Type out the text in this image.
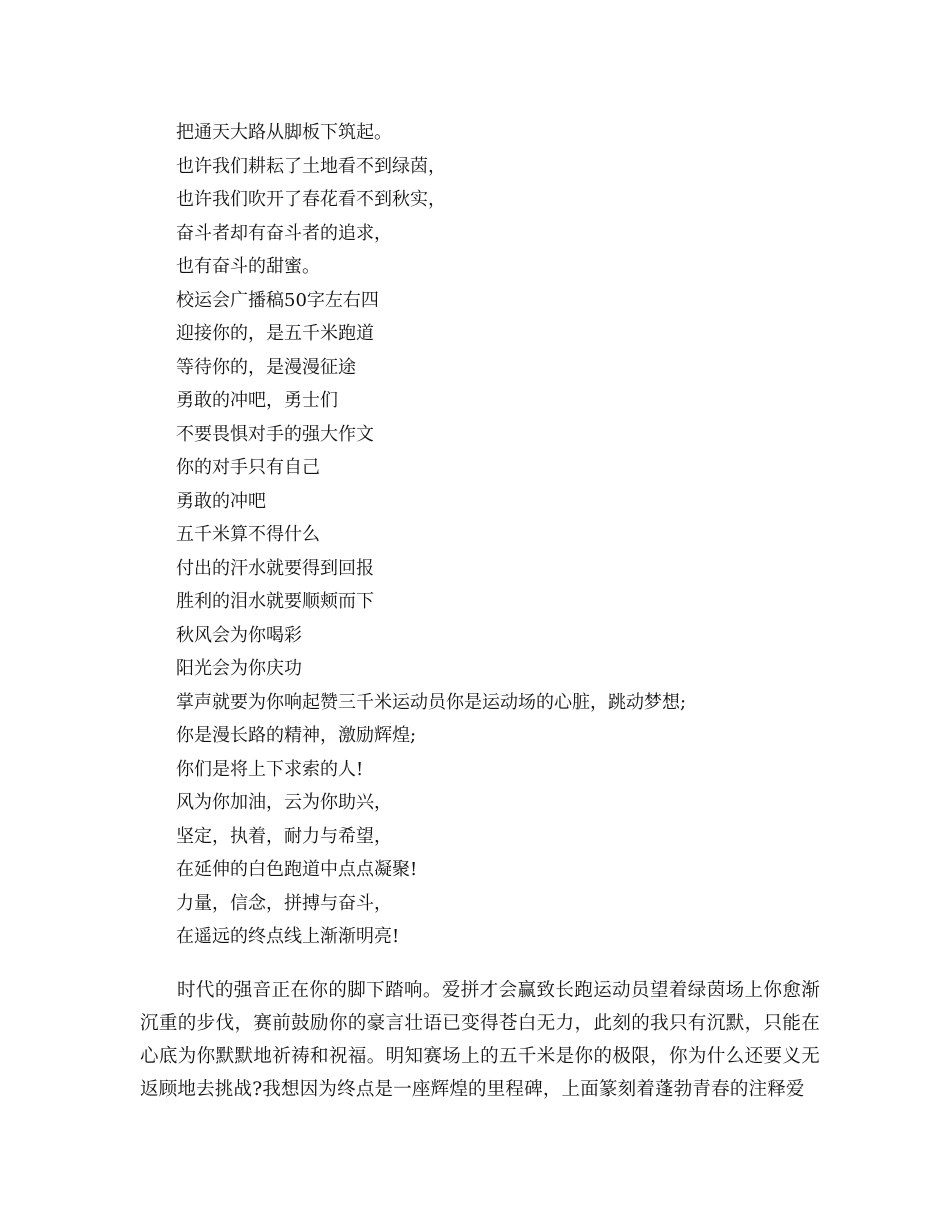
把通天大路从脚板下筑起。
也许我们耕耘了土地看不到绿茵，
也许我们吹开了春花看不到秋实，
奋斗者却有奋斗者的追求，
也有奋斗的甜蜜。
校运会广播稿50字左右四
迎接你的，是五千米跑道
等待你的，是漫漫征途
勇敢的冲吧，勇士们
不要畏惧对手的强大作文
你的对手只有自己
勇敢的冲吧
五千米算不得什么
付出的汗水就要得到回报
胜利的泪水就要顺颊而下
秋风会为你喝彩
阳光会为你庆功
掌声就要为你响起赞三千米运动员你是运动场的心脏，跳动梦想;
你是漫长路的精神，激励辉煌;
你们是将上下求索的人!
风为你加油，云为你助兴，
坚定，执着，耐力与希望，
在延伸的白色跑道中点点凝聚!
力量，信念，拼搏与奋斗，
在遥远的终点线上渐渐明亮!

时代的强音正在你的脚下踏响。爱拼才会赢致长跑运动员望着绿茵场上你愈渐沉重的步伐，赛前鼓励你的豪言壮语已变得苍白无力，此刻的我只有沉默，只能在心底为你默默地祈祷和祝福。明知赛场上的五千米是你的极限，你为什么还要义无返顾地去挑战?我想因为终点是一座辉煌的里程碑，上面篆刻着蓬勃青春的注释爱
